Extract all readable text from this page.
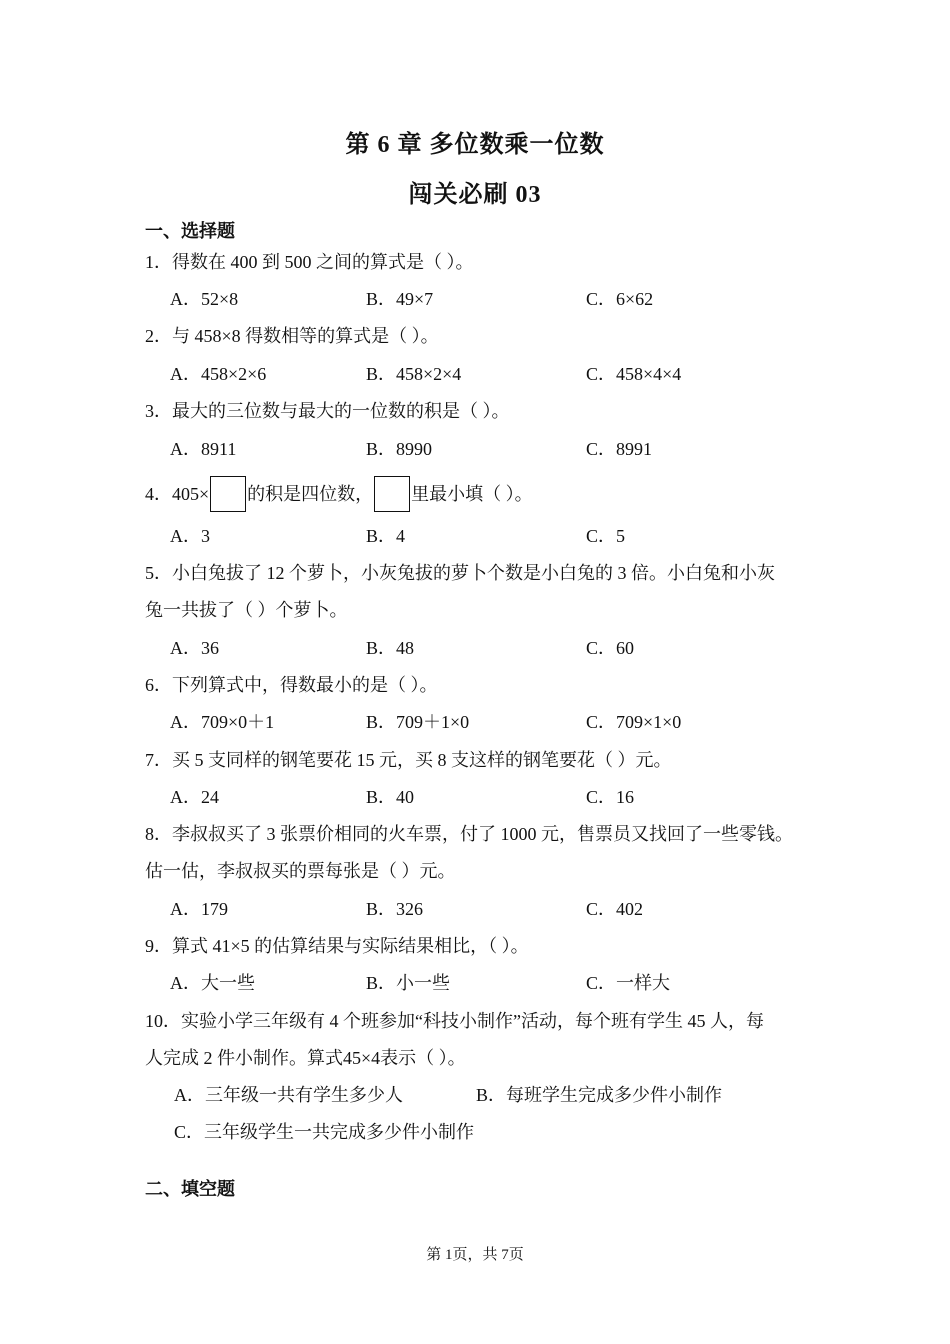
第 6 章 多位数乘一位数
闯关必刷 03
一、选择题
1．得数在 400 到 500 之间的算式是（ ）。
A．52×8	B．49×7	C．6×62
2．与 458×8 得数相等的算式是（ ）。
A．458×2×6	B．458×2×4	C．458×4×4
3．最大的三位数与最大的一位数的积是（ ）。
A．8911	B．8990	C．8991
4．405× 的积是四位数， 里最小填（ ）。
A．3	B．4	C．5
5．小白兔拔了 12 个萝卜，小灰兔拔的萝卜个数是小白兔的 3 倍。小白兔和小灰
兔一共拔了（ ）个萝卜。
A．36	B．48	C．60
6．下列算式中，得数最小的是（ ）。
A．709×0＋1	B．709＋1×0	C．709×1×0
7．买 5 支同样的钢笔要花 15 元，买 8 支这样的钢笔要花（ ）元。
A．24	B．40	C．16
8．李叔叔买了 3 张票价相同的火车票，付了 1000 元，售票员又找回了一些零钱。
估一估，李叔叔买的票每张是（ ）元。
A．179	B．326	C．402
9．算式 41×5 的估算结果与实际结果相比，（ ）。
A．大一些	B．小一些	C．一样大
10．实验小学三年级有 4 个班参加“科技小制作”活动，每个班有学生 45 人，每
人完成 2 件小制作。算式45×4表示（ ）。
A．三年级一共有学生多少人	B．每班学生完成多少件小制作
C．三年级学生一共完成多少件小制作
二、填空题
第 1页，共 7页
